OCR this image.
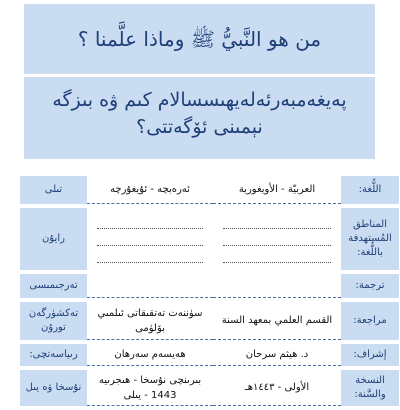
من هو النَّبيُّ ﷺ وماذا علَّمنا ؟
پەيغەمبەرئەلەيھىسسالام كىم ۋە بىزگە
نېمىنى ئۆگەتتى؟
اللُّغة:	العربيّة - الأويغورية	ئەرەبچە - ئۇيغۇرچە	تىلى
المناطق المُستهدفة باللُّغة:			رايۇن
ترجمة:			تەرجىمىسى
مراجعة:	القسم العلمي بمعهد السنة	سۈننەت تەتقىقاتى ئىلمىي بۆلۈمى	تەكشۈرگەن تورۇن
إشراف:	د. هيثم سرحان	ھەيسەم سەرھان	رىياسەتچى:
النسخة والسَّنة:	الأولى - ١٤٤٣هـ	بىرىنچى نۇسخا - ھىجرىيە 1443 - يىلى	نۇسخا ۋە يىل
